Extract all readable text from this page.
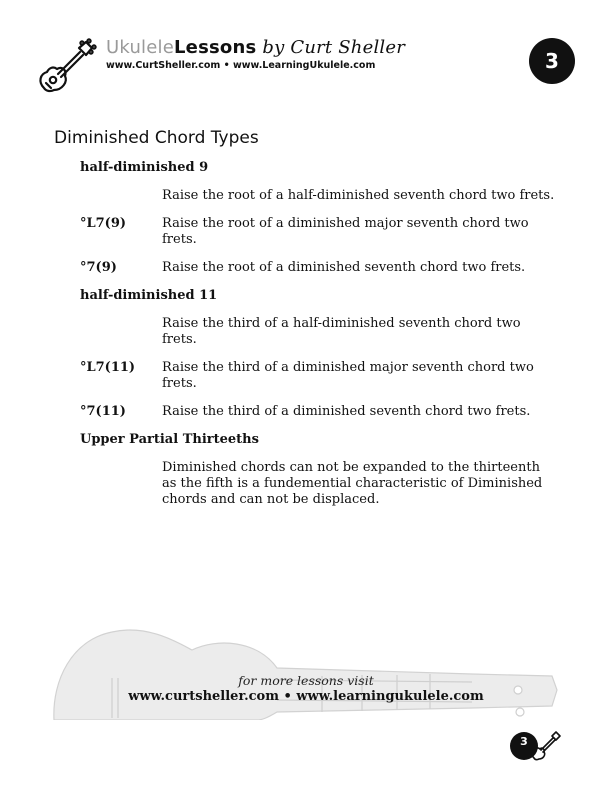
UkuleleLessons by Curt Sheller
www.CurtSheller.com • www.LearningUkulele.com	3
Diminished Chord Types
half-diminished 9
Raise the root of a half-diminished seventh chord two frets.
°L7(9)	Raise the root of a diminished major seventh chord two frets.
°7(9)	Raise the root of a diminished seventh chord two frets.
half-diminished 11
Raise the third of a half-diminished seventh chord two frets.
°L7(11)	Raise the third of a diminished major seventh chord two frets.
°7(11)	Raise the third of a diminished seventh chord two frets.
Upper Partial Thirteeths
Diminished chords can not be expanded to the thirteenth as the fifth is a fundemential characteristic of Diminished chords and can not be displaced.
for more lessons visit
www.curtsheller.com • www.learningukulele.com
3
